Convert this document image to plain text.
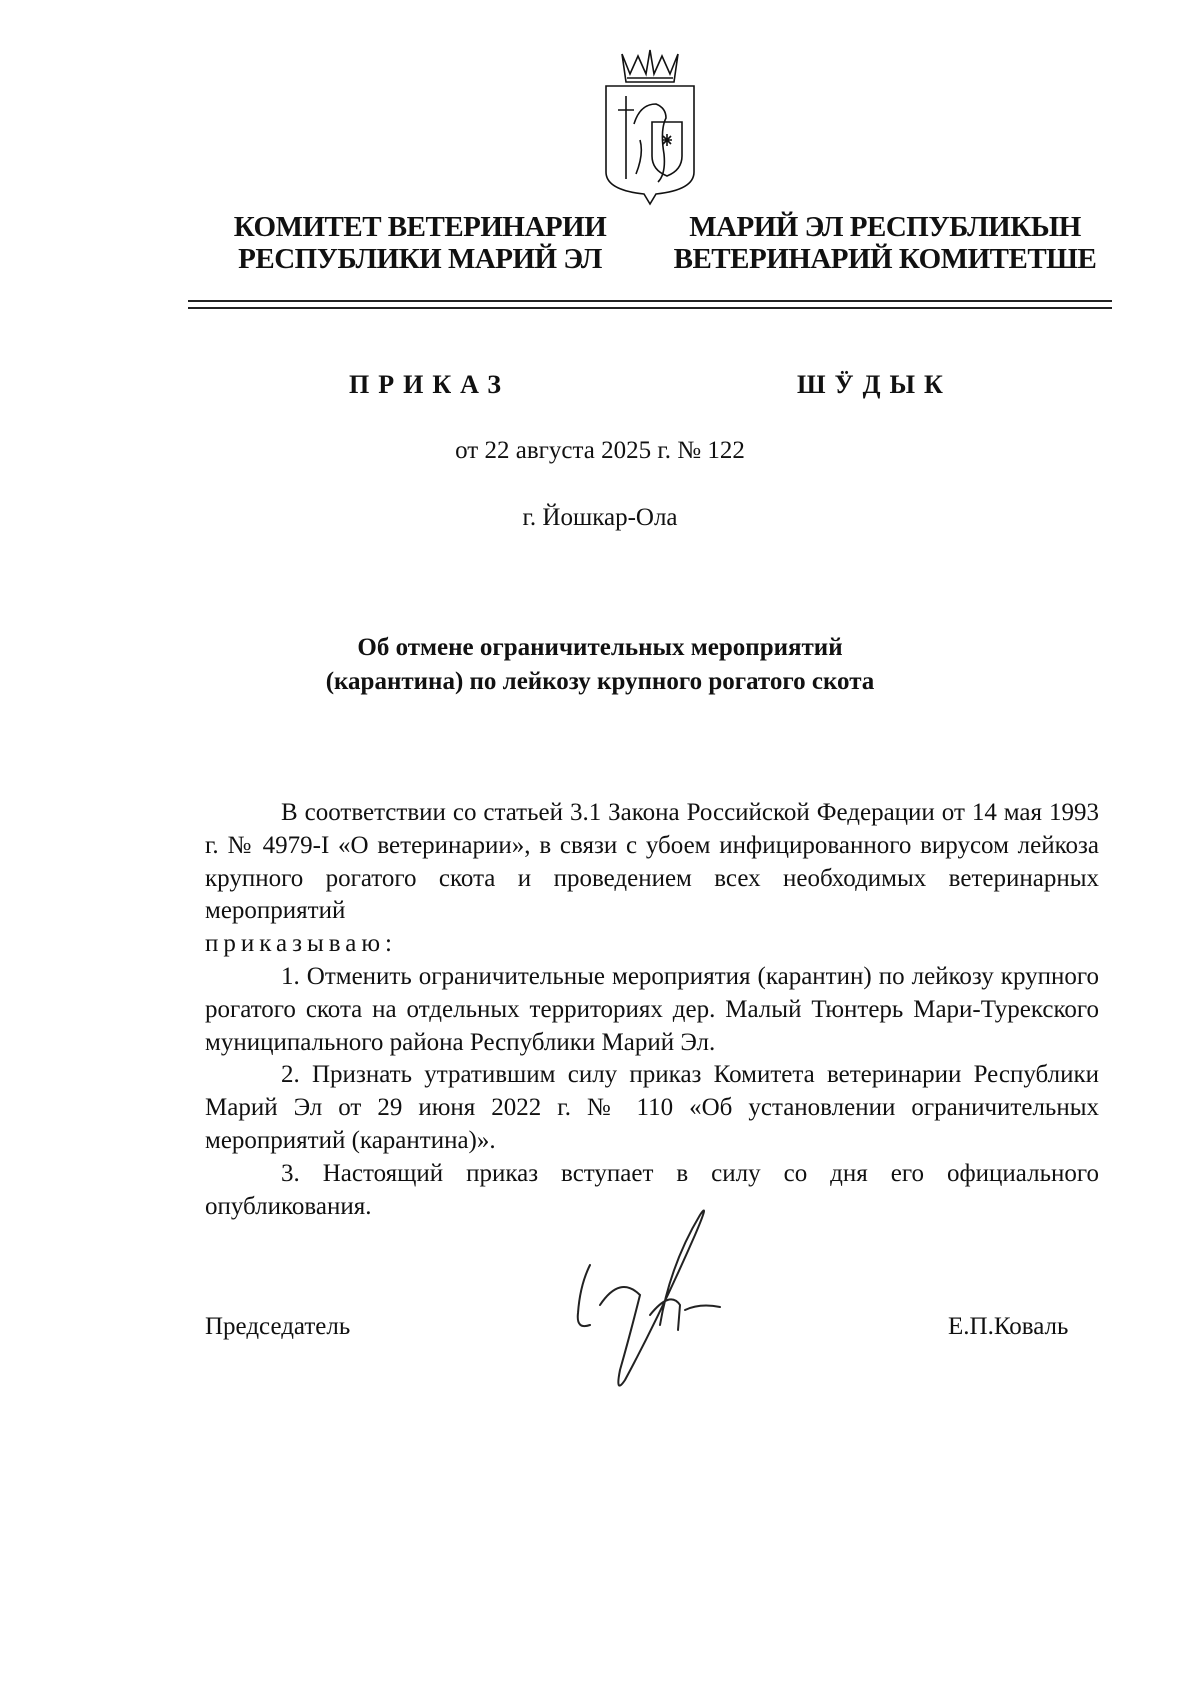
КОМИТЕТ ВЕТЕРИНАРИИ
РЕСПУБЛИКИ МАРИЙ ЭЛ
МАРИЙ ЭЛ РЕСПУБЛИКЫН
ВЕТЕРИНАРИЙ КОМИТЕТШЕ
ПРИКАЗ	ШӰДЫК
от 22 августа 2025 г. № 122
г. Йошкар-Ола
Об отмене ограничительных мероприятий
(карантина) по лейкозу крупного рогатого скота

В соответствии со статьей 3.1 Закона Российской Федерации от 14 мая 1993 г. № 4979-I «О ветеринарии», в связи с убоем инфицированного вирусом лейкоза крупного рогатого скота и проведением всех необходимых ветеринарных мероприятий

приказываю:

1. Отменить ограничительные мероприятия (карантин) по лейкозу крупного рогатого скота на отдельных территориях дер. Малый Тюнтерь Мари-Турекского муниципального района Республики Марий Эл.

2. Признать утратившим силу приказ Комитета ветеринарии Республики Марий Эл от 29 июня 2022 г. № 110 «Об установлении ограничительных мероприятий (карантина)».

3. Настоящий приказ вступает в силу со дня его официального опубликования.

Председатель	Е.П.Коваль
